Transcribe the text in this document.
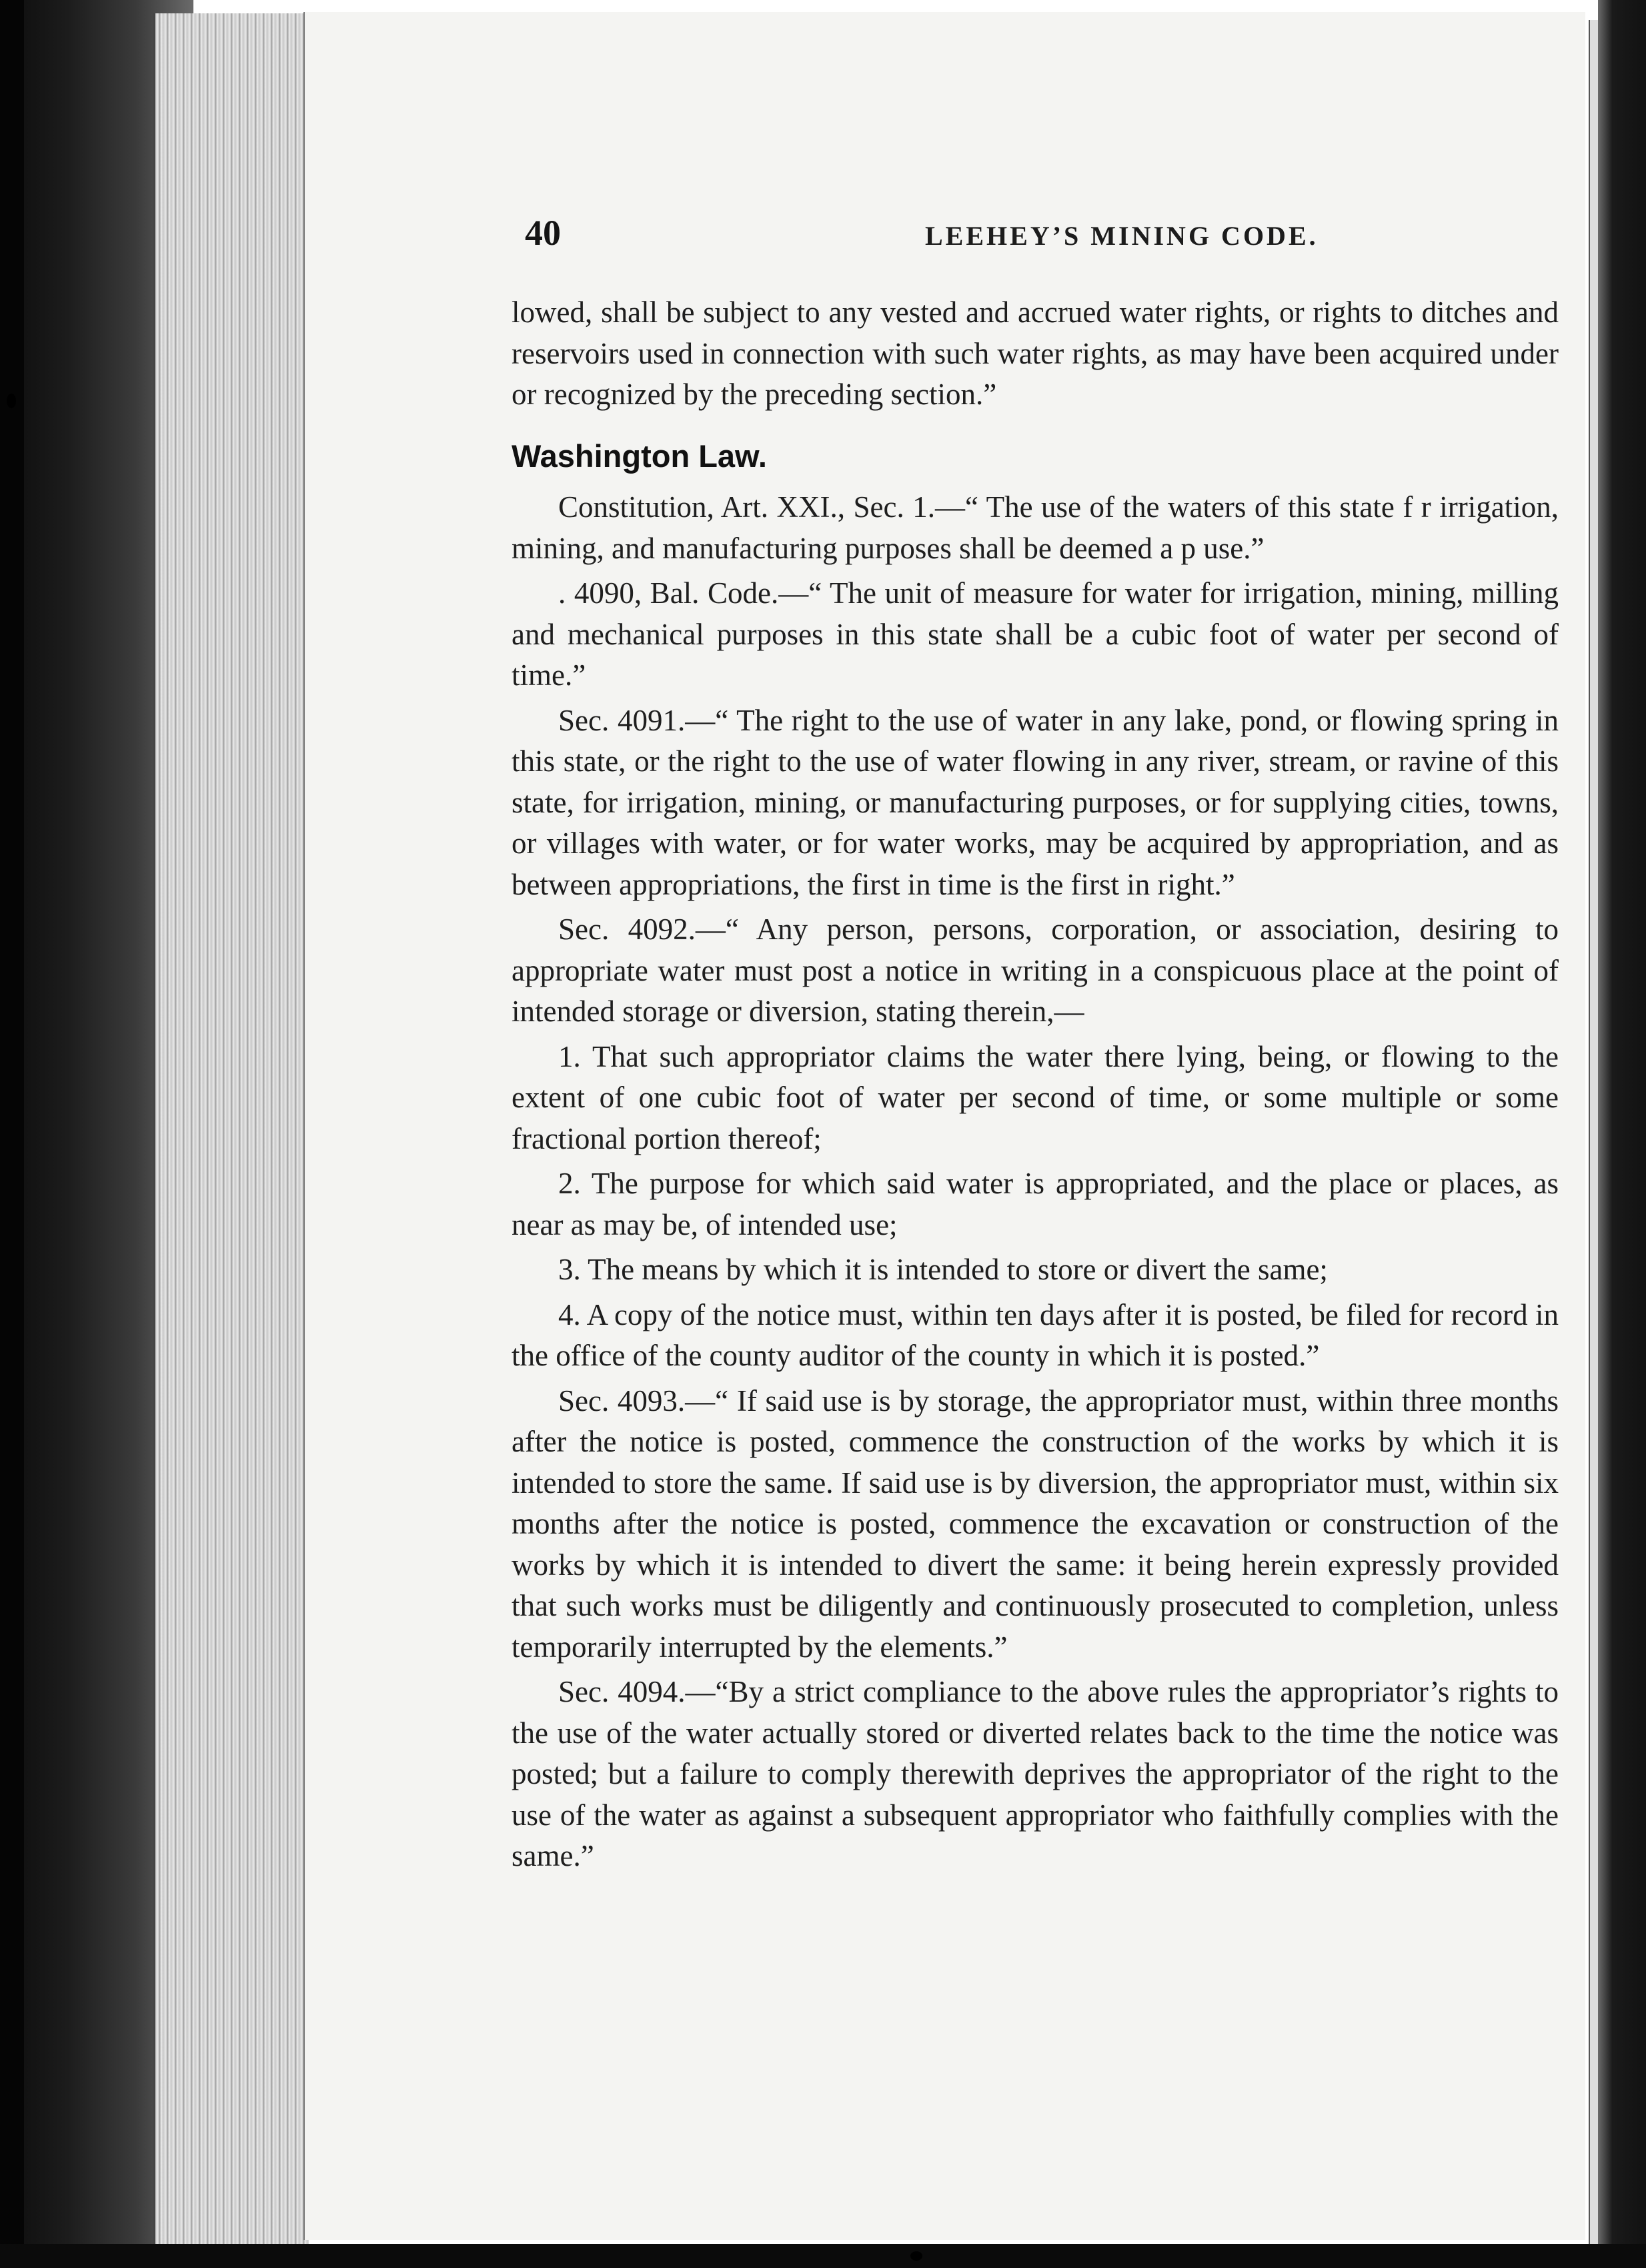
40	LEEHEY’S MINING CODE.

lowed, shall be subject to any vested and accrued water rights, or rights to ditches and reservoirs used in connection with such water rights, as may have been acquired under or recognized by the preceding section.”

Washington Law.

Constitution, Art. XXI., Sec. 1.—“ The use of the waters of this state f r irrigation, mining, and manufacturing purposes shall be deemed a p use.”

. 4090, Bal. Code.—“ The unit of measure for water for irrigation, mining, milling and mechanical purposes in this state shall be a cubic foot of water per second of time.”

Sec. 4091.—“ The right to the use of water in any lake, pond, or flowing spring in this state, or the right to the use of water flowing in any river, stream, or ravine of this state, for irrigation, mining, or manufacturing purposes, or for supplying cities, towns, or villages with water, or for water works, may be acquired by appropriation, and as between appropriations, the first in time is the first in right.”

Sec. 4092.—“ Any person, persons, corporation, or association, desiring to appropriate water must post a notice in writing in a conspicuous place at the point of intended storage or diversion, stating therein,—

1. That such appropriator claims the water there lying, being, or flowing to the extent of one cubic foot of water per second of time, or some multiple or some fractional portion thereof;

2. The purpose for which said water is appropriated, and the place or places, as near as may be, of intended use;

3. The means by which it is intended to store or divert the same;

4. A copy of the notice must, within ten days after it is posted, be filed for record in the office of the county auditor of the county in which it is posted.”

Sec. 4093.—“ If said use is by storage, the appropriator must, within three months after the notice is posted, commence the construction of the works by which it is intended to store the same. If said use is by diversion, the appropriator must, within six months after the notice is posted, commence the excavation or construction of the works by which it is intended to divert the same: it being herein expressly provided that such works must be diligently and continuously prosecuted to completion, unless temporarily interrupted by the elements.”

Sec. 4094.—“By a strict compliance to the above rules the appropriator’s rights to the use of the water actually stored or diverted relates back to the time the notice was posted; but a failure to comply therewith deprives the appropriator of the right to the use of the water as against a subsequent appropriator who faithfully complies with the same.”
